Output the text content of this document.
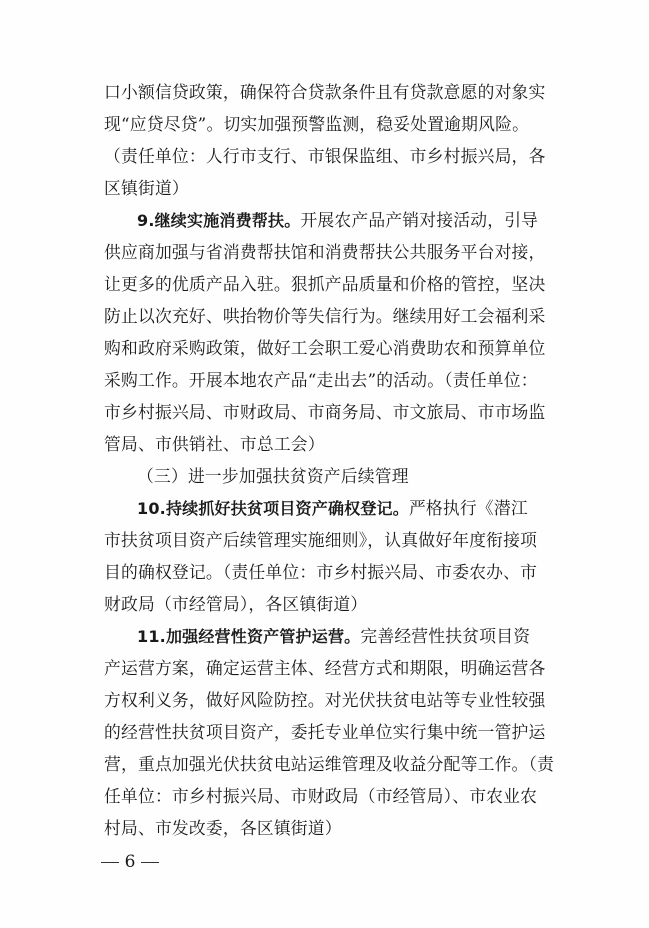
口小额信贷政策，确保符合贷款条件且有贷款意愿的对象实
现“应贷尽贷”。切实加强预警监测，稳妥处置逾期风险。
（责任单位：人行市支行、市银保监组、市乡村振兴局，各
区镇街道）
9.继续实施消费帮扶。开展农产品产销对接活动，引导
供应商加强与省消费帮扶馆和消费帮扶公共服务平台对接，
让更多的优质产品入驻。狠抓产品质量和价格的管控，坚决
防止以次充好、哄抬物价等失信行为。继续用好工会福利采
购和政府采购政策，做好工会职工爱心消费助农和预算单位
采购工作。开展本地农产品“走出去”的活动。（责任单位：
市乡村振兴局、市财政局、市商务局、市文旅局、市市场监
管局、市供销社、市总工会）
（三）进一步加强扶贫资产后续管理
10.持续抓好扶贫项目资产确权登记。严格执行《潜江
市扶贫项目资产后续管理实施细则》，认真做好年度衔接项
目的确权登记。（责任单位：市乡村振兴局、市委农办、市
财政局（市经管局），各区镇街道）
11.加强经营性资产管护运营。完善经营性扶贫项目资
产运营方案，确定运营主体、经营方式和期限，明确运营各
方权利义务，做好风险防控。对光伏扶贫电站等专业性较强
的经营性扶贫项目资产，委托专业单位实行集中统一管护运
营，重点加强光伏扶贫电站运维管理及收益分配等工作。（责
任单位：市乡村振兴局、市财政局（市经管局）、市农业农
村局、市发改委，各区镇街道）
6
